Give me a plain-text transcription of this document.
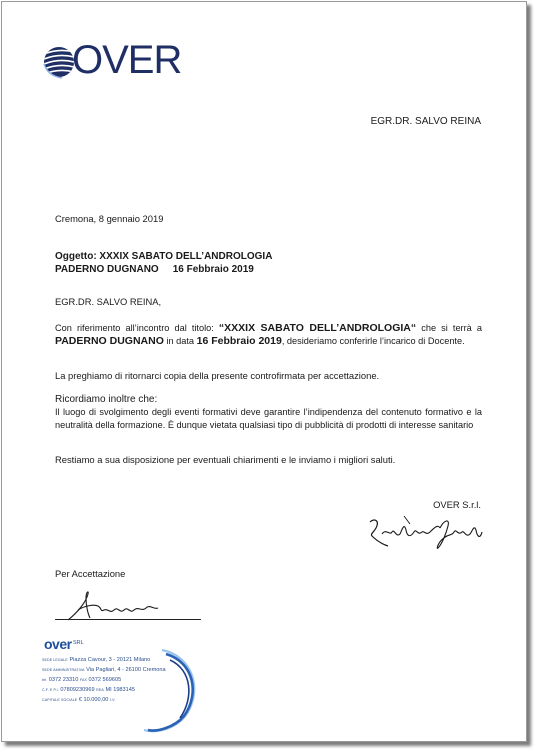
OVER
EGR.DR. SALVO REINA
Cremona, 8 gennaio 2019
Oggetto: XXXIX SABATO DELL’ANDROLOGIA
PADERNO DUGNANO 16 Febbraio 2019
EGR.DR. SALVO REINA,
Con riferimento all’incontro dal titolo: “XXXIX SABATO DELL’ANDROLOGIA“ che si terrà a PADERNO DUGNANO in data 16 Febbraio 2019, desideriamo conferirle l’incarico di Docente.
La preghiamo di ritornarci copia della presente controfirmata per accettazione.
Ricordiamo inoltre che:
Il luogo di svolgimento degli eventi formativi deve garantire l’indipendenza del contenuto formativo e la neutralità della formazione. È dunque vietata qualsiasi tipo di pubblicità di prodotti di interesse sanitario
Restiamo a sua disposizione per eventuali chiarimenti e le inviamo i migliori saluti.
OVER S.r.l.
Per Accettazione
over SRL
SEDE LEGALE Piazza Cavour, 3 - 20121 Milano
SEDE AMMINISTRATIVA Via Pagliari, 4 - 26100 Cremona
tel. 0372 23310 FAX 0372 569605
C.F. E P.I. 07809230969 REA MI 1983145
CAPITALE SOCIALE € 10.000,00 I.V.
